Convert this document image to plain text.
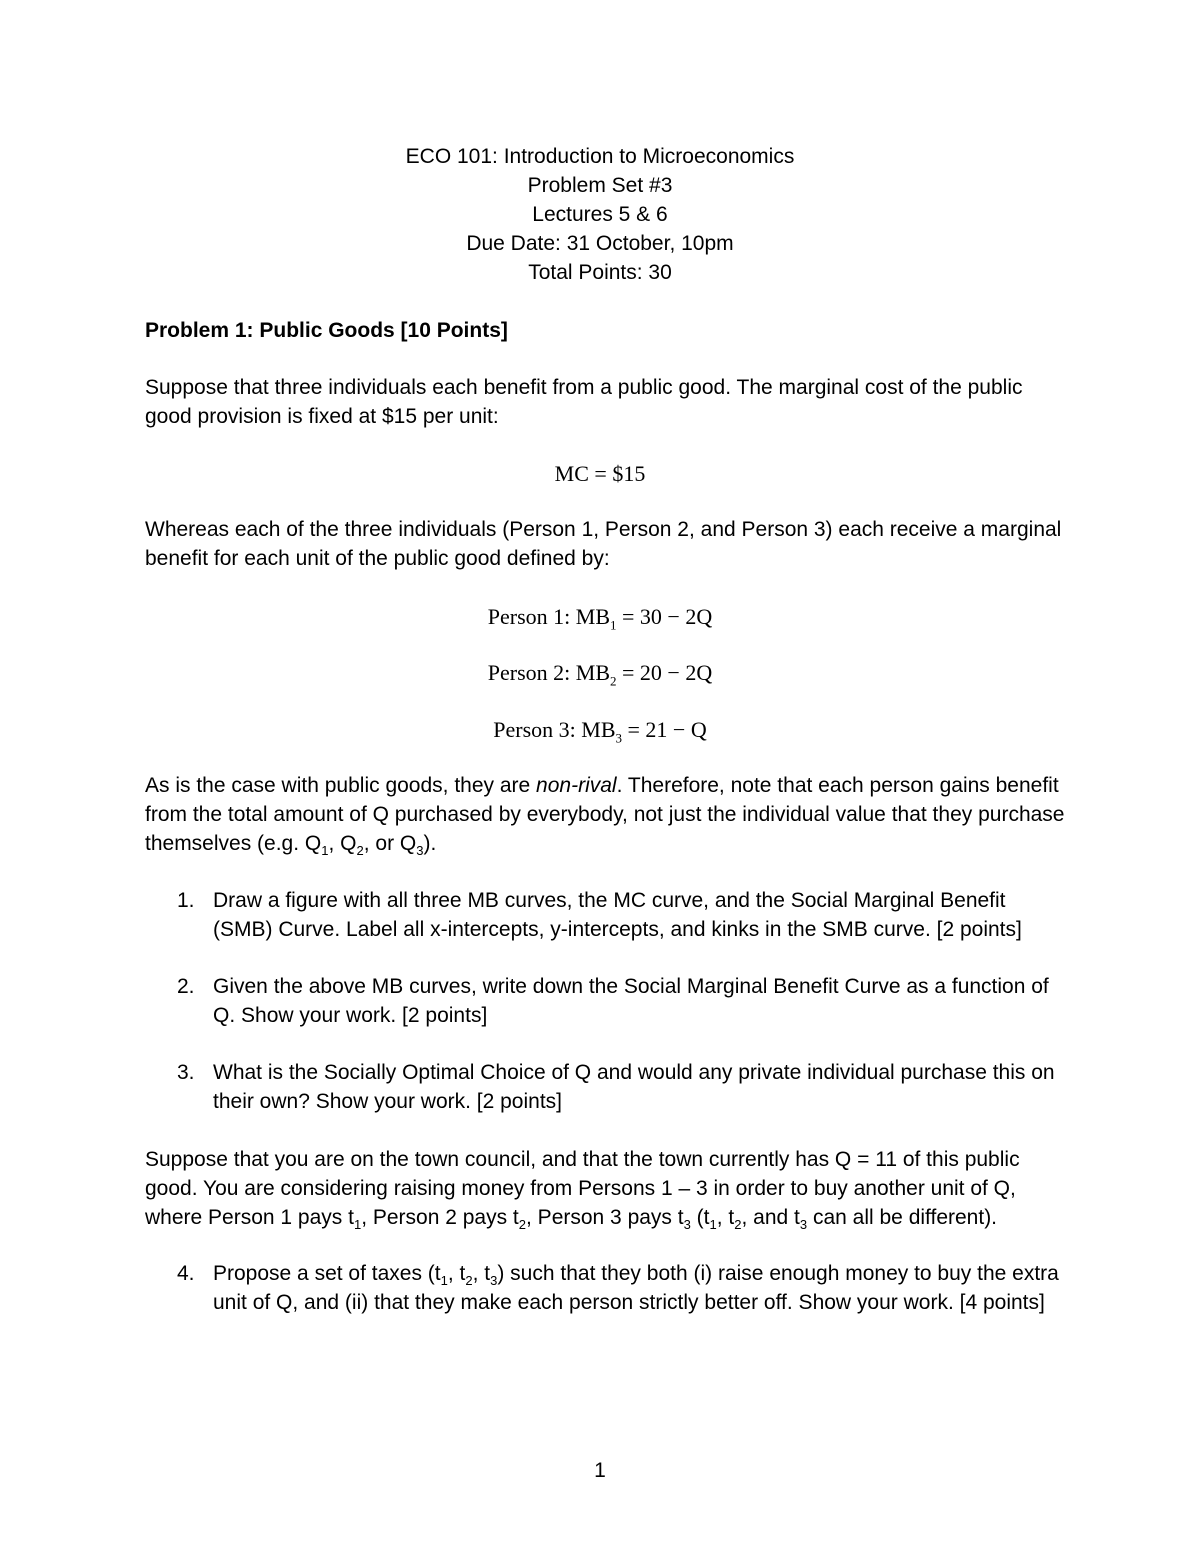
ECO 101: Introduction to Microeconomics
Problem Set #3
Lectures 5 & 6
Due Date: 31 October, 10pm
Total Points: 30
Problem 1: Public Goods [10 Points]
Suppose that three individuals each benefit from a public good. The marginal cost of the public good provision is fixed at $15 per unit:
MC = $15
Whereas each of the three individuals (Person 1, Person 2, and Person 3) each receive a marginal benefit for each unit of the public good defined by:
Person 1: $MB_1 = 30 - 2Q$
Person 2: $MB_2 = 20 - 2Q$
Person 3: $MB_3 = 21 - Q$
As is the case with public goods, they are non-rival. Therefore, note that each person gains benefit from the total amount of Q purchased by everybody, not just the individual value that they purchase themselves (e.g. $Q_1$, $Q_2$, or $Q_3$).
1. Draw a figure with all three MB curves, the MC curve, and the Social Marginal Benefit (SMB) Curve. Label all x-intercepts, y-intercepts, and kinks in the SMB curve. [2 points]
2. Given the above MB curves, write down the Social Marginal Benefit Curve as a function of Q. Show your work. [2 points]
3. What is the Socially Optimal Choice of Q and would any private individual purchase this on their own? Show your work. [2 points]
Suppose that you are on the town council, and that the town currently has Q = 11 of this public good. You are considering raising money from Persons 1 – 3 in order to buy another unit of Q, where Person 1 pays $t_1$, Person 2 pays $t_2$, Person 3 pays $t_3$ ($t_1$, $t_2$, and $t_3$ can all be different).
4. Propose a set of taxes ($t_1$, $t_2$, $t_3$) such that they both (i) raise enough money to buy the extra unit of Q, and (ii) that they make each person strictly better off. Show your work. [4 points]
1
